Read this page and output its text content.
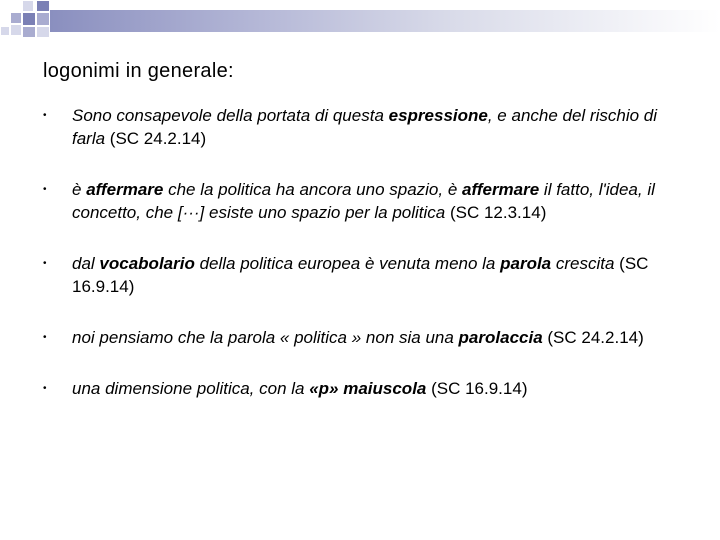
logonimi in generale:
• Sono consapevole della portata di questa espressione, e anche del rischio di farla (SC 24.2.14)
• è affermare che la politica ha ancora uno spazio, è affermare il fatto, l'idea, il concetto, che [···] esiste uno spazio per la politica (SC 12.3.14)
• dal vocabolario della politica europea è venuta meno la parola crescita (SC 16.9.14)
• noi pensiamo che la parola « politica » non sia una parolaccia (SC 24.2.14)
• una dimensione politica, con la «p» maiuscola (SC 16.9.14)
